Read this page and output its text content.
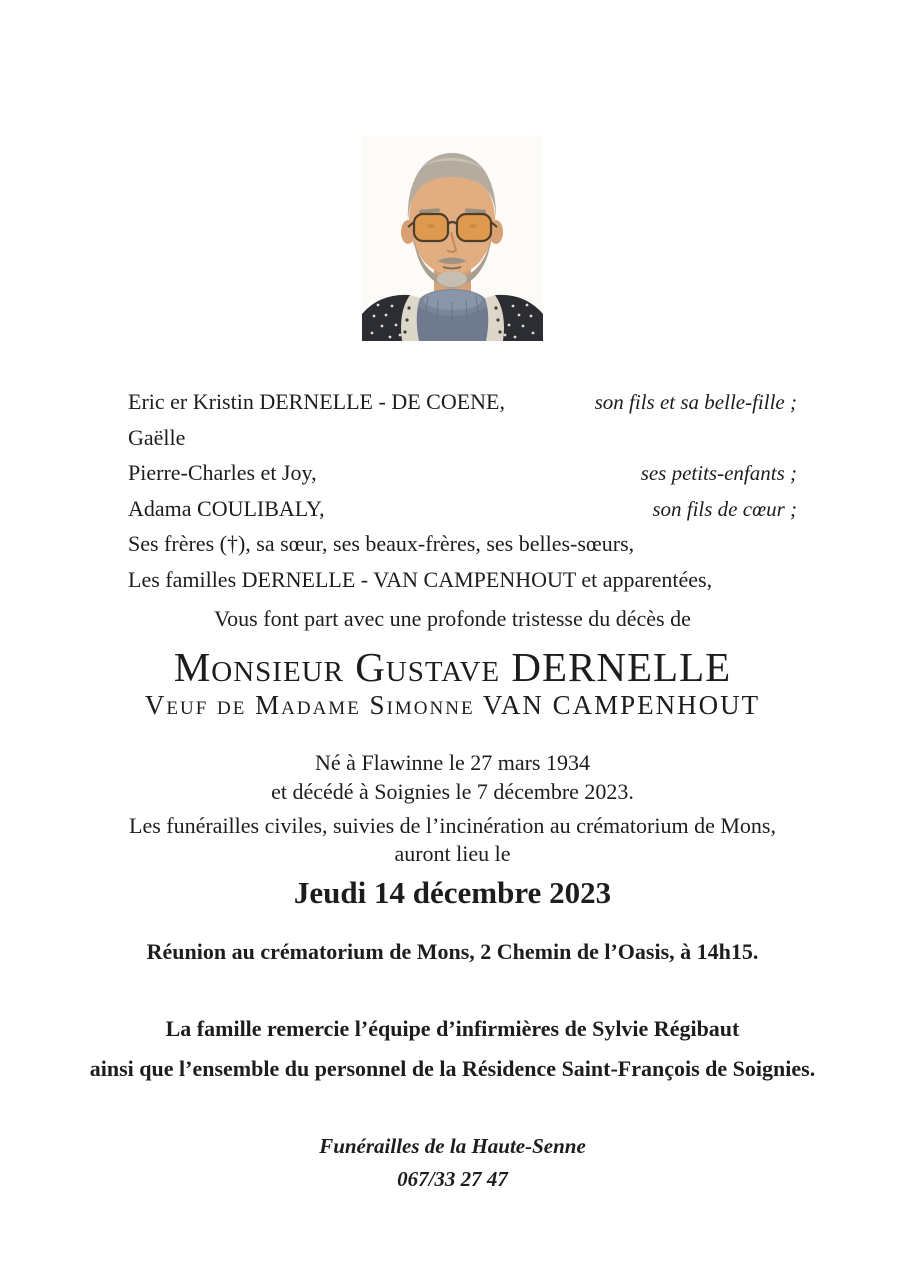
Eric er Kristin DERNELLE - DE COENE,	son fils et sa belle-fille ;
Gaëlle
Pierre-Charles et Joy,	ses petits-enfants ;
Adama COULIBALY,	son fils de cœur ;
Ses frères (†), sa sœur, ses beaux-frères, ses belles-sœurs,
Les familles DERNELLE - VAN CAMPENHOUT et apparentées,
Vous font part avec une profonde tristesse du décès de
Monsieur Gustave DERNELLE
Veuf de Madame Simonne VAN CAMPENHOUT
Né à Flawinne le 27 mars 1934
et décédé à Soignies le 7 décembre 2023.
Les funérailles civiles, suivies de l’incinération au crématorium de Mons,
auront lieu le
Jeudi 14 décembre 2023
Réunion au crématorium de Mons, 2 Chemin de l’Oasis, à 14h15.
La famille remercie l’équipe d’infirmières de Sylvie Régibaut
ainsi que l’ensemble du personnel de la Résidence Saint-François de Soignies.
Funérailles de la Haute-Senne
067/33 27 47
